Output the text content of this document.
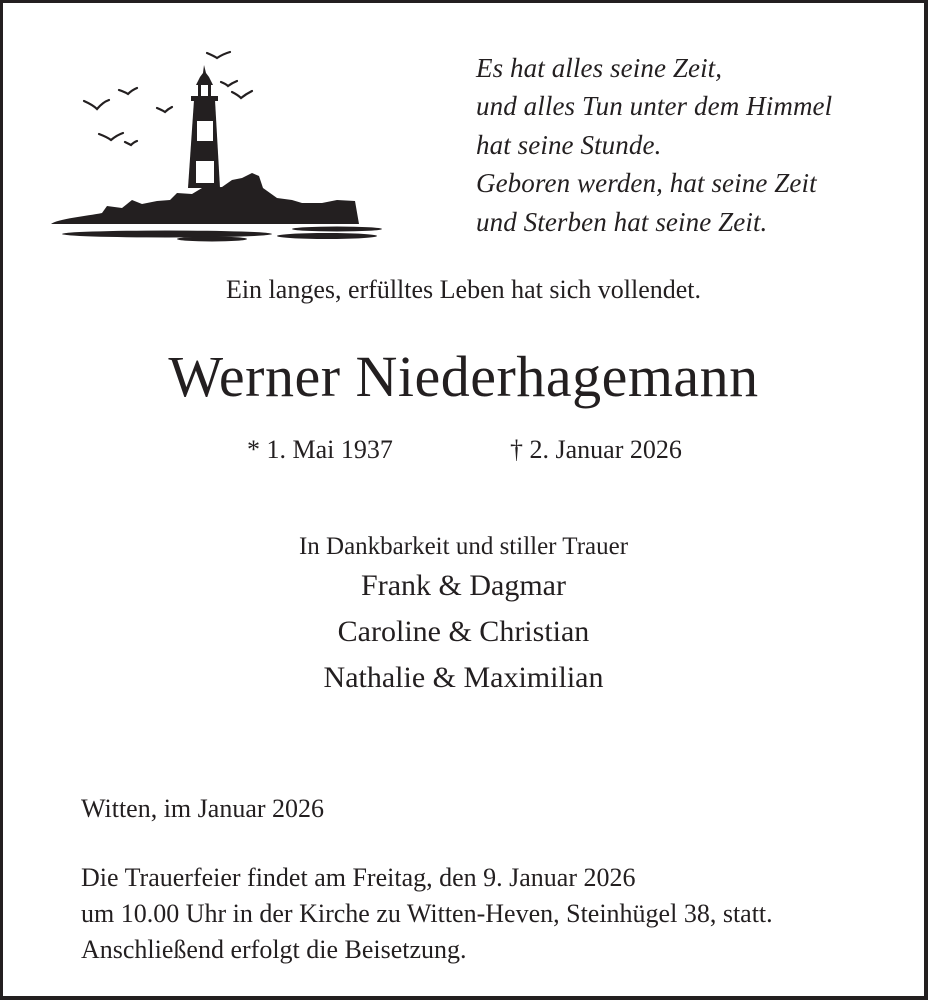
Es hat alles seine Zeit,
und alles Tun unter dem Himmel
hat seine Stunde.
Geboren werden, hat seine Zeit
und Sterben hat seine Zeit.
Ein langes, erfülltes Leben hat sich vollendet.
Werner Niederhagemann
* 1. Mai 1937	† 2. Januar 2026
In Dankbarkeit und stiller Trauer
Frank & Dagmar
Caroline & Christian
Nathalie & Maximilian
Witten, im Januar 2026
Die Trauerfeier findet am Freitag, den 9. Januar 2026
um 10.00 Uhr in der Kirche zu Witten-Heven, Steinhügel 38, statt.
Anschließend erfolgt die Beisetzung.
